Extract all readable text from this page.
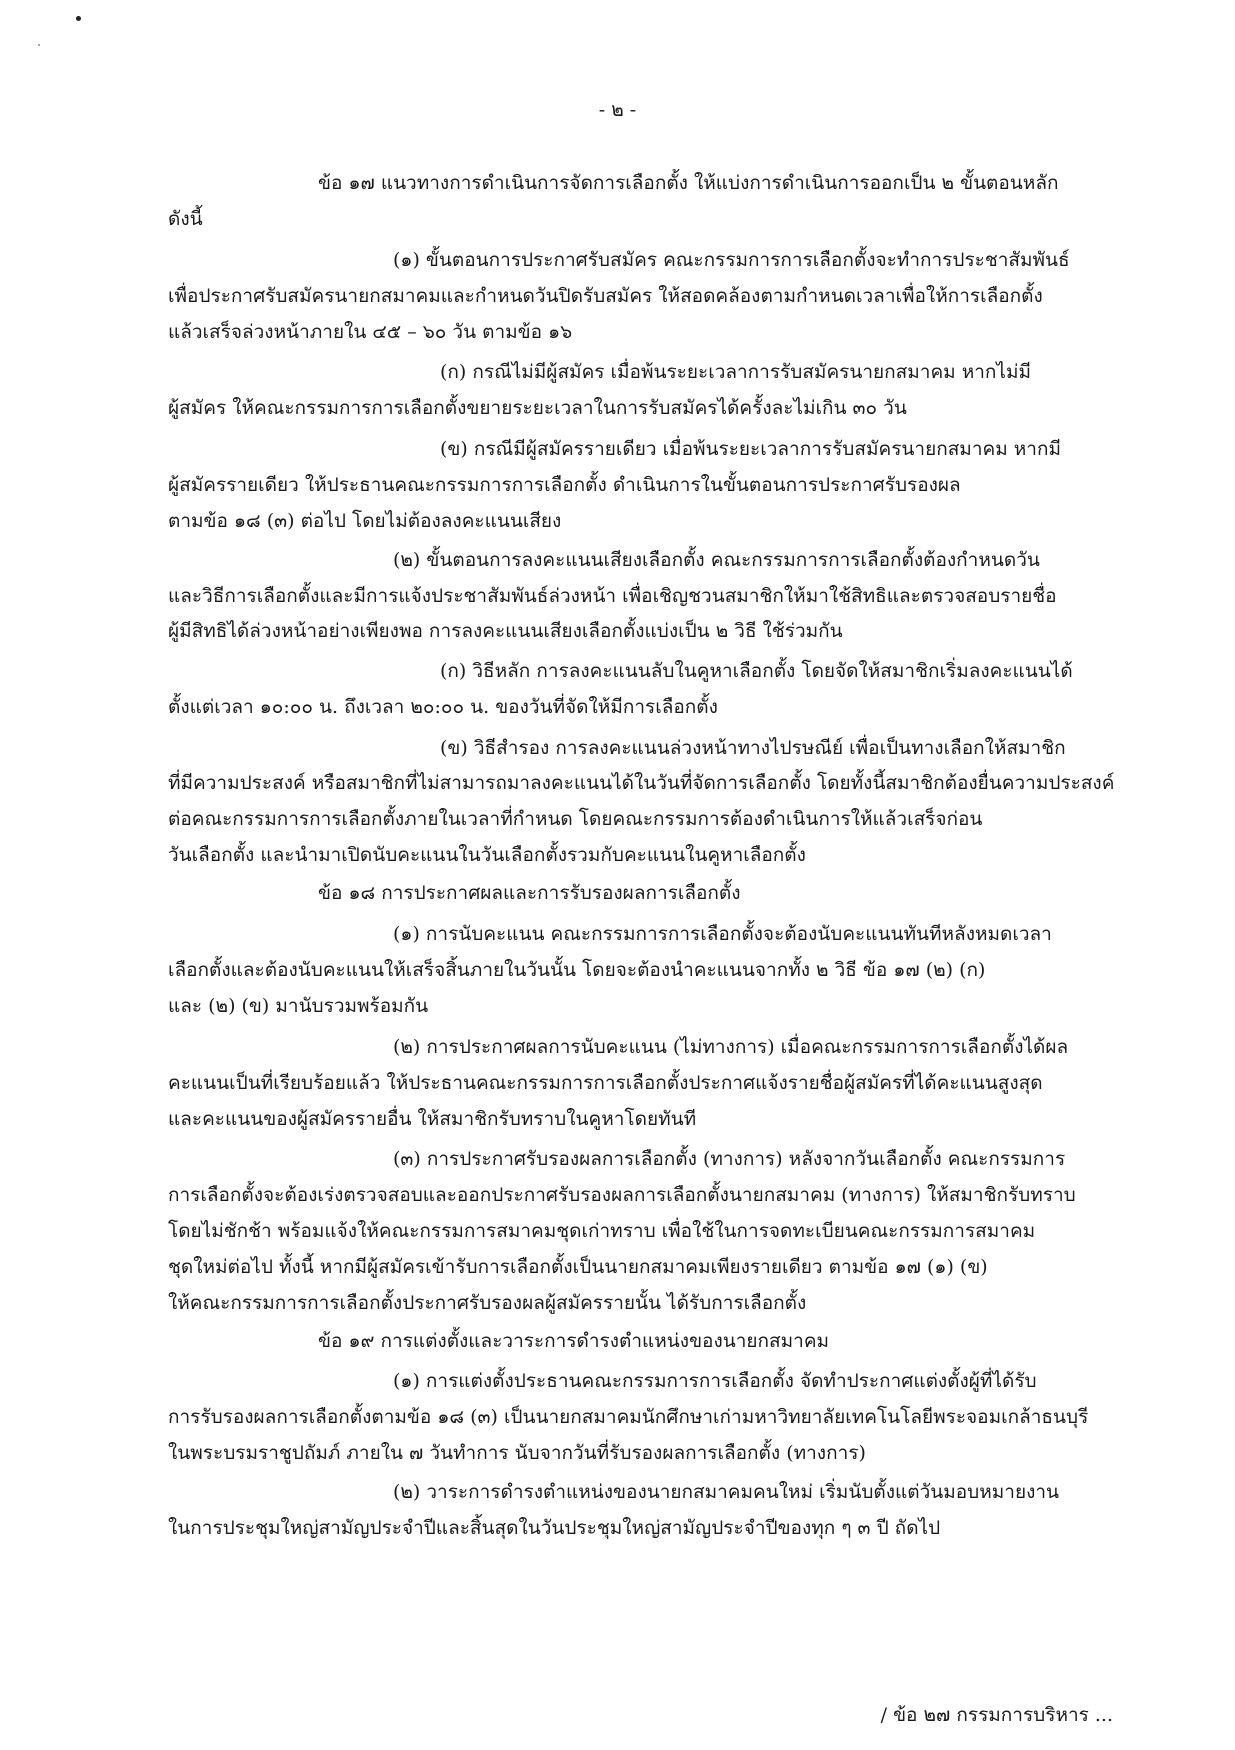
- ๒ -

ข้อ ๑๗ แนวทางการดำเนินการจัดการเลือกตั้ง ให้แบ่งการดำเนินการออกเป็น ๒ ขั้นตอนหลัก

ดังนี้

(๑) ขั้นตอนการประกาศรับสมัคร คณะกรรมการการเลือกตั้งจะทำการประชาสัมพันธ์

เพื่อประกาศรับสมัครนายกสมาคมและกำหนดวันปิดรับสมัคร ให้สอดคล้องตามกำหนดเวลาเพื่อให้การเลือกตั้ง

แล้วเสร็จล่วงหน้าภายใน ๔๕ – ๖๐ วัน ตามข้อ ๑๖

(ก) กรณีไม่มีผู้สมัคร เมื่อพ้นระยะเวลาการรับสมัครนายกสมาคม หากไม่มี

ผู้สมัคร ให้คณะกรรมการการเลือกตั้งขยายระยะเวลาในการรับสมัครได้ครั้งละไม่เกิน ๓๐ วัน

(ข) กรณีมีผู้สมัครรายเดียว เมื่อพ้นระยะเวลาการรับสมัครนายกสมาคม หากมี

ผู้สมัครรายเดียว ให้ประธานคณะกรรมการการเลือกตั้ง ดำเนินการในขั้นตอนการประกาศรับรองผล

ตามข้อ ๑๘ (๓) ต่อไป โดยไม่ต้องลงคะแนนเสียง

(๒) ขั้นตอนการลงคะแนนเสียงเลือกตั้ง คณะกรรมการการเลือกตั้งต้องกำหนดวัน

และวิธีการเลือกตั้งและมีการแจ้งประชาสัมพันธ์ล่วงหน้า เพื่อเชิญชวนสมาชิกให้มาใช้สิทธิและตรวจสอบรายชื่อ

ผู้มีสิทธิได้ล่วงหน้าอย่างเพียงพอ การลงคะแนนเสียงเลือกตั้งแบ่งเป็น ๒ วิธี ใช้ร่วมกัน

(ก) วิธีหลัก การลงคะแนนลับในคูหาเลือกตั้ง โดยจัดให้สมาชิกเริ่มลงคะแนนได้

ตั้งแต่เวลา ๑๐:๐๐ น. ถึงเวลา ๒๐:๐๐ น. ของวันที่จัดให้มีการเลือกตั้ง

(ข) วิธีสำรอง การลงคะแนนล่วงหน้าทางไปรษณีย์ เพื่อเป็นทางเลือกให้สมาชิก

ที่มีความประสงค์ หรือสมาชิกที่ไม่สามารถมาลงคะแนนได้ในวันที่จัดการเลือกตั้ง โดยทั้งนี้สมาชิกต้องยื่นความประสงค์

ต่อคณะกรรมการการเลือกตั้งภายในเวลาที่กำหนด โดยคณะกรรมการต้องดำเนินการให้แล้วเสร็จก่อน

วันเลือกตั้ง และนำมาเปิดนับคะแนนในวันเลือกตั้งรวมกับคะแนนในคูหาเลือกตั้ง

ข้อ ๑๘ การประกาศผลและการรับรองผลการเลือกตั้ง

(๑) การนับคะแนน คณะกรรมการการเลือกตั้งจะต้องนับคะแนนทันทีหลังหมดเวลา

เลือกตั้งและต้องนับคะแนนให้เสร็จสิ้นภายในวันนั้น โดยจะต้องนำคะแนนจากทั้ง ๒ วิธี ข้อ ๑๗ (๒) (ก)

และ (๒) (ข) มานับรวมพร้อมกัน

(๒) การประกาศผลการนับคะแนน (ไม่ทางการ) เมื่อคณะกรรมการการเลือกตั้งได้ผล

คะแนนเป็นที่เรียบร้อยแล้ว ให้ประธานคณะกรรมการการเลือกตั้งประกาศแจ้งรายชื่อผู้สมัครที่ได้คะแนนสูงสุด

และคะแนนของผู้สมัครรายอื่น ให้สมาชิกรับทราบในคูหาโดยทันที

(๓) การประกาศรับรองผลการเลือกตั้ง (ทางการ) หลังจากวันเลือกตั้ง คณะกรรมการ

การเลือกตั้งจะต้องเร่งตรวจสอบและออกประกาศรับรองผลการเลือกตั้งนายกสมาคม (ทางการ) ให้สมาชิกรับทราบ

โดยไม่ชักช้า พร้อมแจ้งให้คณะกรรมการสมาคมชุดเก่าทราบ เพื่อใช้ในการจดทะเบียนคณะกรรมการสมาคม

ชุดใหม่ต่อไป ทั้งนี้ หากมีผู้สมัครเข้ารับการเลือกตั้งเป็นนายกสมาคมเพียงรายเดียว ตามข้อ ๑๗ (๑) (ข)

ให้คณะกรรมการการเลือกตั้งประกาศรับรองผลผู้สมัครรายนั้น ได้รับการเลือกตั้ง

ข้อ ๑๙ การแต่งตั้งและวาระการดำรงตำแหน่งของนายกสมาคม

(๑) การแต่งตั้งประธานคณะกรรมการการเลือกตั้ง จัดทำประกาศแต่งตั้งผู้ที่ได้รับ

การรับรองผลการเลือกตั้งตามข้อ ๑๘ (๓) เป็นนายกสมาคมนักศึกษาเก่ามหาวิทยาลัยเทคโนโลยีพระจอมเกล้าธนบุรี

ในพระบรมราชูปถัมภ์ ภายใน ๗ วันทำการ นับจากวันที่รับรองผลการเลือกตั้ง (ทางการ)

(๒) วาระการดำรงตำแหน่งของนายกสมาคมคนใหม่ เริ่มนับตั้งแต่วันมอบหมายงาน

ในการประชุมใหญ่สามัญประจำปีและสิ้นสุดในวันประชุมใหญ่สามัญประจำปีของทุก ๆ ๓ ปี ถัดไป

/ ข้อ ๒๗ กรรมการบริหาร ...
